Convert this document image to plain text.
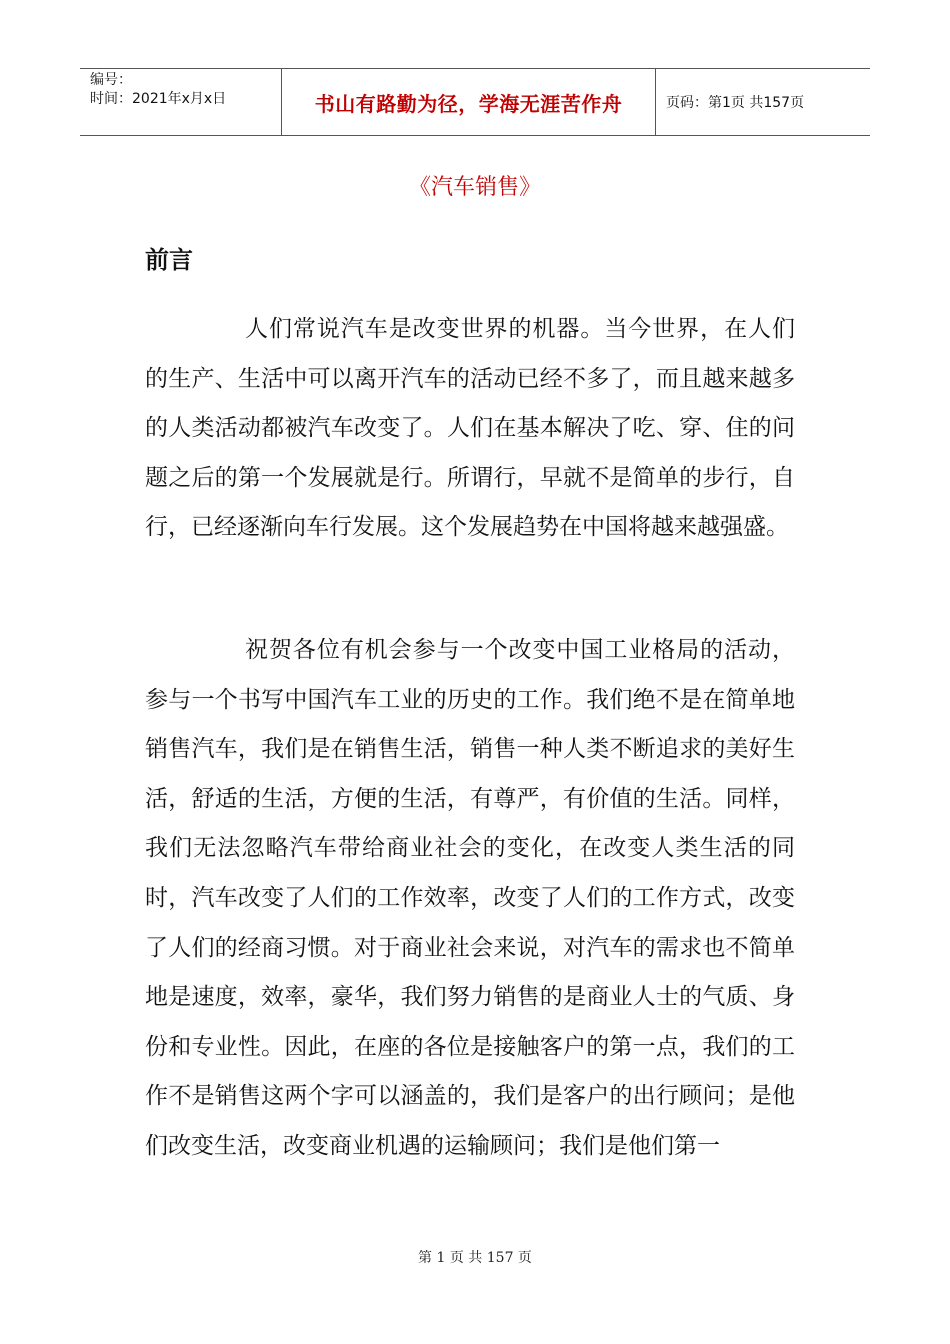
编号：
时间：2021年x月x日	书山有路勤为径，学海无涯苦作舟	页码：第1页 共157页
《汽车销售》
前言

人们常说汽车是改变世界的机器。当今世界，在人们的生产、生活中可以离开汽车的活动已经不多了，而且越来越多的人类活动都被汽车改变了。人们在基本解决了吃、穿、住的问题之后的第一个发展就是行。所谓行，早就不是简单的步行，自行，已经逐渐向车行发展。这个发展趋势在中国将越来越强盛。

祝贺各位有机会参与一个改变中国工业格局的活动，参与一个书写中国汽车工业的历史的工作。我们绝不是在简单地销售汽车，我们是在销售生活，销售一种人类不断追求的美好生活，舒适的生活，方便的生活，有尊严，有价值的生活。同样，我们无法忽略汽车带给商业社会的变化，在改变人类生活的同时，汽车改变了人们的工作效率，改变了人们的工作方式，改变了人们的经商习惯。对于商业社会来说，对汽车的需求也不简单地是速度，效率，豪华，我们努力销售的是商业人士的气质、身份和专业性。因此，在座的各位是接触客户的第一点，我们的工作不是销售这两个字可以涵盖的，我们是客户的出行顾问；是他们改变生活，改变商业机遇的运输顾问；我们是他们第一

第 1 页 共 157 页
